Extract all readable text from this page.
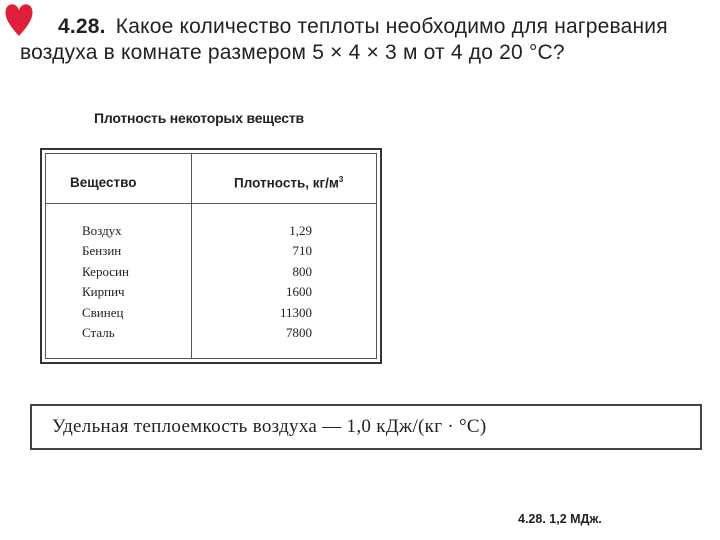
4.28. Какое количество теплоты необходимо для нагревания
воздуха в комнате размером 5 × 4 × 3 м от 4 до 20 °С?
Плотность некоторых веществ
Вещество	Плотность, $кг/м^3$
Воздух	1,29
Бензин	710
Керосин	800
Кирпич	1600
Свинец	11300
Сталь	7800
Удельная теплоемкость воздуха — 1,0 кДж/(кг · °С)
4.28. 1,2 МДж.
